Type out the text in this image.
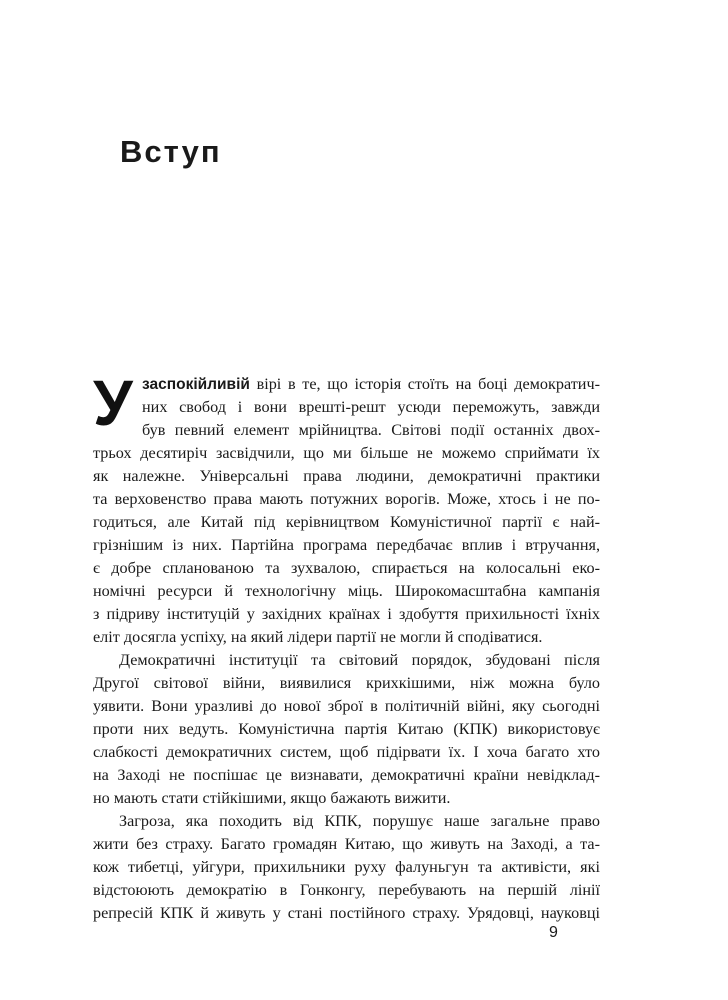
Вступ
У заспокійливій вірі в те, що історія стоїть на боці демократич-
них свобод і вони врешті-решт усюди переможуть, завжди
був певний елемент мрійництва. Світові події останніх двох-
трьох десятиріч засвідчили, що ми більше не можемо сприймати їх
як належне. Універсальні права людини, демократичні практики
та верховенство права мають потужних ворогів. Може, хтось і не по-
годиться, але Китай під керівництвом Комуністичної партії є най-
грізнішим із них. Партійна програма передбачає вплив і втручання,
є добре спланованою та зухвалою, спирається на колосальні еко-
номічні ресурси й технологічну міць. Широкомасштабна кампанія
з підриву інституцій у західних країнах і здобуття прихильності їхніх
еліт досягла успіху, на який лідери партії не могли й сподіватися.
Демократичні інституції та світовий порядок, збудовані після
Другої світової війни, виявилися крихкішими, ніж можна було
уявити. Вони уразливі до нової зброї в політичній війні, яку сьогодні
проти них ведуть. Комуністична партія Китаю (КПК) використовує
слабкості демократичних систем, щоб підірвати їх. І хоча багато хто
на Заході не поспішає це визнавати, демократичні країни невідклад-
но мають стати стійкішими, якщо бажають вижити.
Загроза, яка походить від КПК, порушує наше загальне право
жити без страху. Багато громадян Китаю, що живуть на Заході, а та-
кож тибетці, уйгури, прихильники руху фалуньгун та активісти, які
відстоюють демократію в Гонконгу, перебувають на першій лінії
репресій КПК й живуть у стані постійного страху. Урядовці, науковці
9
